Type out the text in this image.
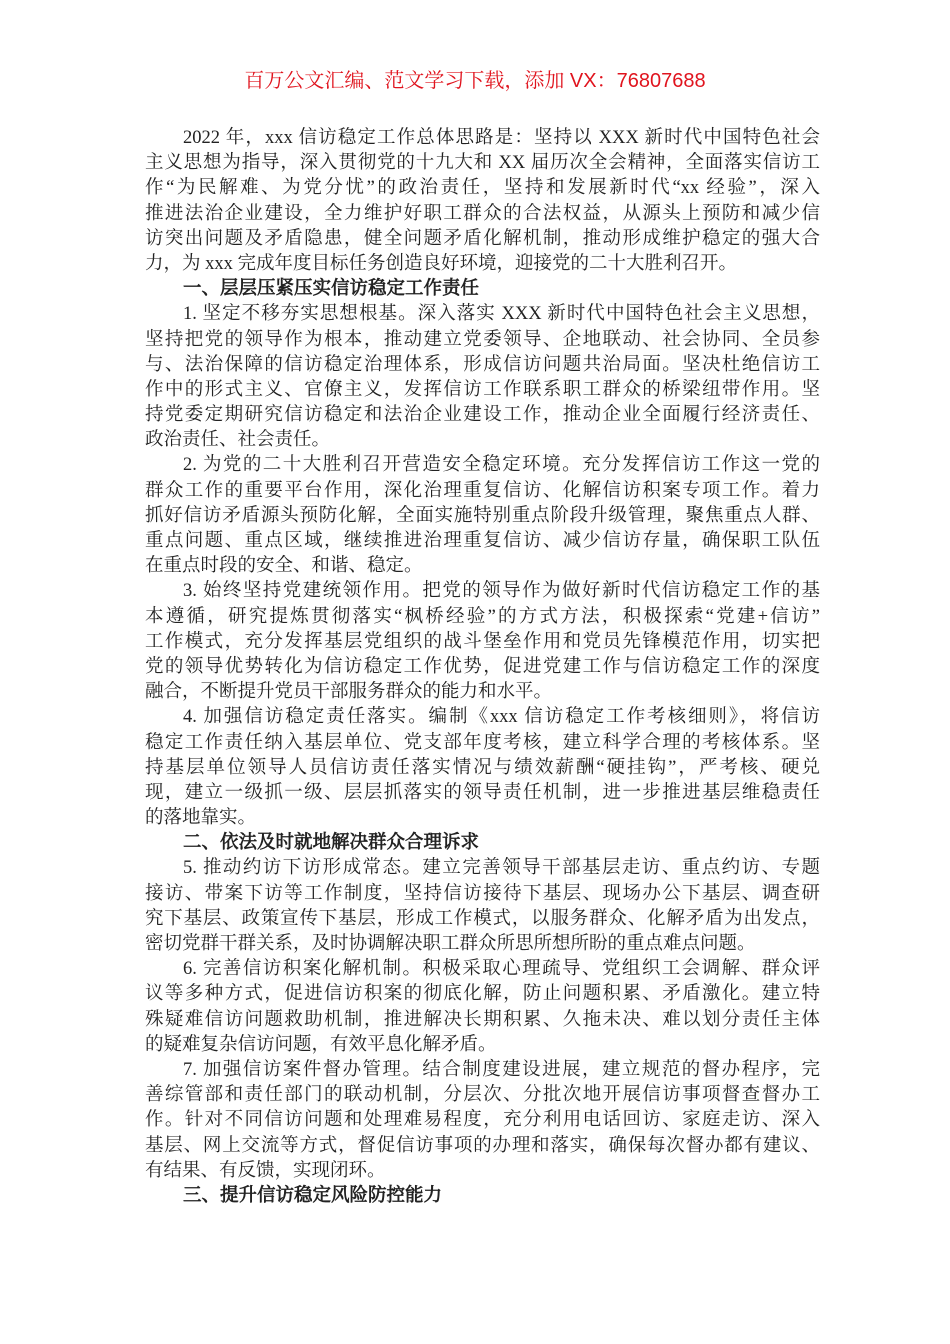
百万公文汇编、范文学习下载，添加 VX：76807688
2022 年，xxx 信访稳定工作总体思路是：坚持以 XXX 新时代中国特色社会
主义思想为指导，深入贯彻党的十九大和 XX 届历次全会精神，全面落实信访工
作“为民解难、为党分忧”的政治责任，坚持和发展新时代“xx 经验”，深入
推进法治企业建设，全力维护好职工群众的合法权益，从源头上预防和减少信
访突出问题及矛盾隐患，健全问题矛盾化解机制，推动形成维护稳定的强大合
力，为 xxx 完成年度目标任务创造良好环境，迎接党的二十大胜利召开。
一、层层压紧压实信访稳定工作责任
1. 坚定不移夯实思想根基。深入落实 XXX 新时代中国特色社会主义思想，
坚持把党的领导作为根本，推动建立党委领导、企地联动、社会协同、全员参
与、法治保障的信访稳定治理体系，形成信访问题共治局面。坚决杜绝信访工
作中的形式主义、官僚主义，发挥信访工作联系职工群众的桥梁纽带作用。坚
持党委定期研究信访稳定和法治企业建设工作，推动企业全面履行经济责任、
政治责任、社会责任。
2. 为党的二十大胜利召开营造安全稳定环境。充分发挥信访工作这一党的
群众工作的重要平台作用，深化治理重复信访、化解信访积案专项工作。着力
抓好信访矛盾源头预防化解，全面实施特别重点阶段升级管理，聚焦重点人群、
重点问题、重点区域，继续推进治理重复信访、减少信访存量，确保职工队伍
在重点时段的安全、和谐、稳定。
3. 始终坚持党建统领作用。把党的领导作为做好新时代信访稳定工作的基
本遵循，研究提炼贯彻落实“枫桥经验”的方式方法，积极探索“党建+信访”
工作模式，充分发挥基层党组织的战斗堡垒作用和党员先锋模范作用，切实把
党的领导优势转化为信访稳定工作优势，促进党建工作与信访稳定工作的深度
融合，不断提升党员干部服务群众的能力和水平。
4. 加强信访稳定责任落实。编制《xxx 信访稳定工作考核细则》，将信访
稳定工作责任纳入基层单位、党支部年度考核，建立科学合理的考核体系。坚
持基层单位领导人员信访责任落实情况与绩效薪酬“硬挂钩”，严考核、硬兑
现，建立一级抓一级、层层抓落实的领导责任机制，进一步推进基层维稳责任
的落地靠实。
二、依法及时就地解决群众合理诉求
5. 推动约访下访形成常态。建立完善领导干部基层走访、重点约访、专题
接访、带案下访等工作制度，坚持信访接待下基层、现场办公下基层、调查研
究下基层、政策宣传下基层，形成工作模式，以服务群众、化解矛盾为出发点，
密切党群干群关系，及时协调解决职工群众所思所想所盼的重点难点问题。
6. 完善信访积案化解机制。积极采取心理疏导、党组织工会调解、群众评
议等多种方式，促进信访积案的彻底化解，防止问题积累、矛盾激化。建立特
殊疑难信访问题救助机制，推进解决长期积累、久拖未决、难以划分责任主体
的疑难复杂信访问题，有效平息化解矛盾。
7. 加强信访案件督办管理。结合制度建设进展，建立规范的督办程序，完
善综管部和责任部门的联动机制，分层次、分批次地开展信访事项督查督办工
作。针对不同信访问题和处理难易程度，充分利用电话回访、家庭走访、深入
基层、网上交流等方式，督促信访事项的办理和落实，确保每次督办都有建议、
有结果、有反馈，实现闭环。
三、提升信访稳定风险防控能力
